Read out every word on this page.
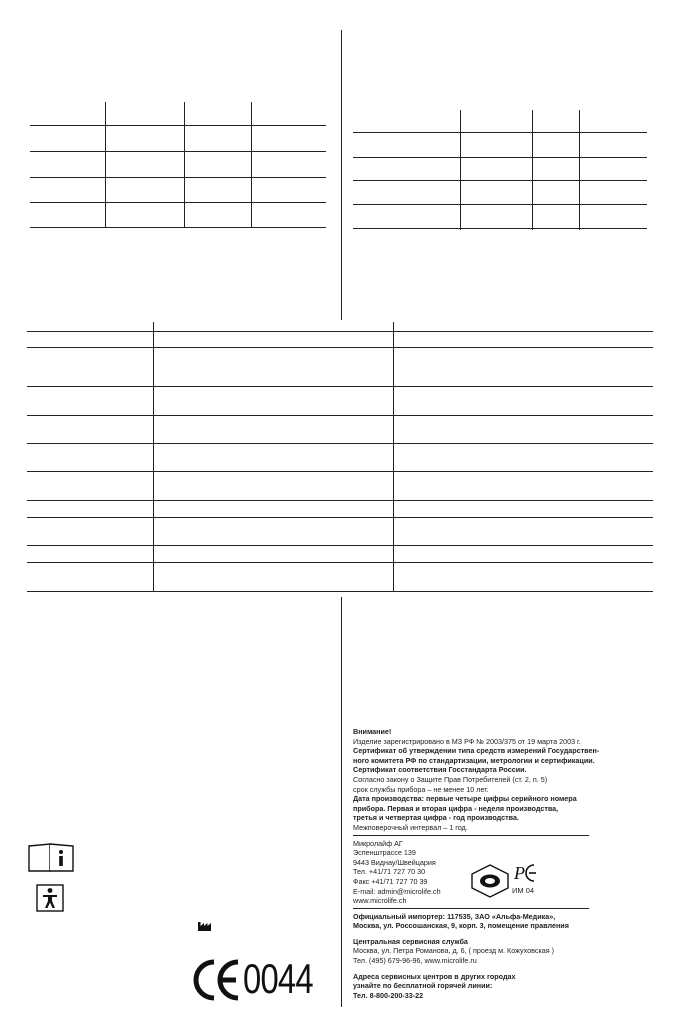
0044
Внимание!
Изделие зарегистрировано в МЗ РФ № 2003/375 от 19 марта 2003 г.
Сертификат об утверждении типа средств измерений Государствен-
ного комитета РФ по стандартизации, метрологии и сертификации.
Сертификат соответствия Госстандарта России.
Согласно закону о Защите Прав Потребителей (ст. 2, п. 5)
срок службы прибора – не менее 10 лет.
Дата производства: первые четыре цифры серийного номера
прибора. Первая и вторая цифра - неделя производства,
третья и четвертая цифра - год производства.
Межповерочный интервал – 1 год.
Микролайф АГ
Эспенштрассе 139
9443 Виднау/Швейцария
Тел. +41/71 727 70 30
Факс +41/71 727 70 39
E-mail: admin@microlife.ch
www.microlife.ch
Официальный импортер: 117535, ЗАО «Альфа-Медика»,
Москва, ул. Россошанская, 9, корп. 3, помещение правления
Центральная сервисная служба
Москва, ул. Петра Романова, д. 6, ( проезд м. Кожуховская )
Тел. (495) 679-96-96, www.microlife.ru
Адреса сервисных центров в других городах
узнайте по бесплатной горячей линии:
Тел. 8-800-200-33-22
Р
ИМ 04
